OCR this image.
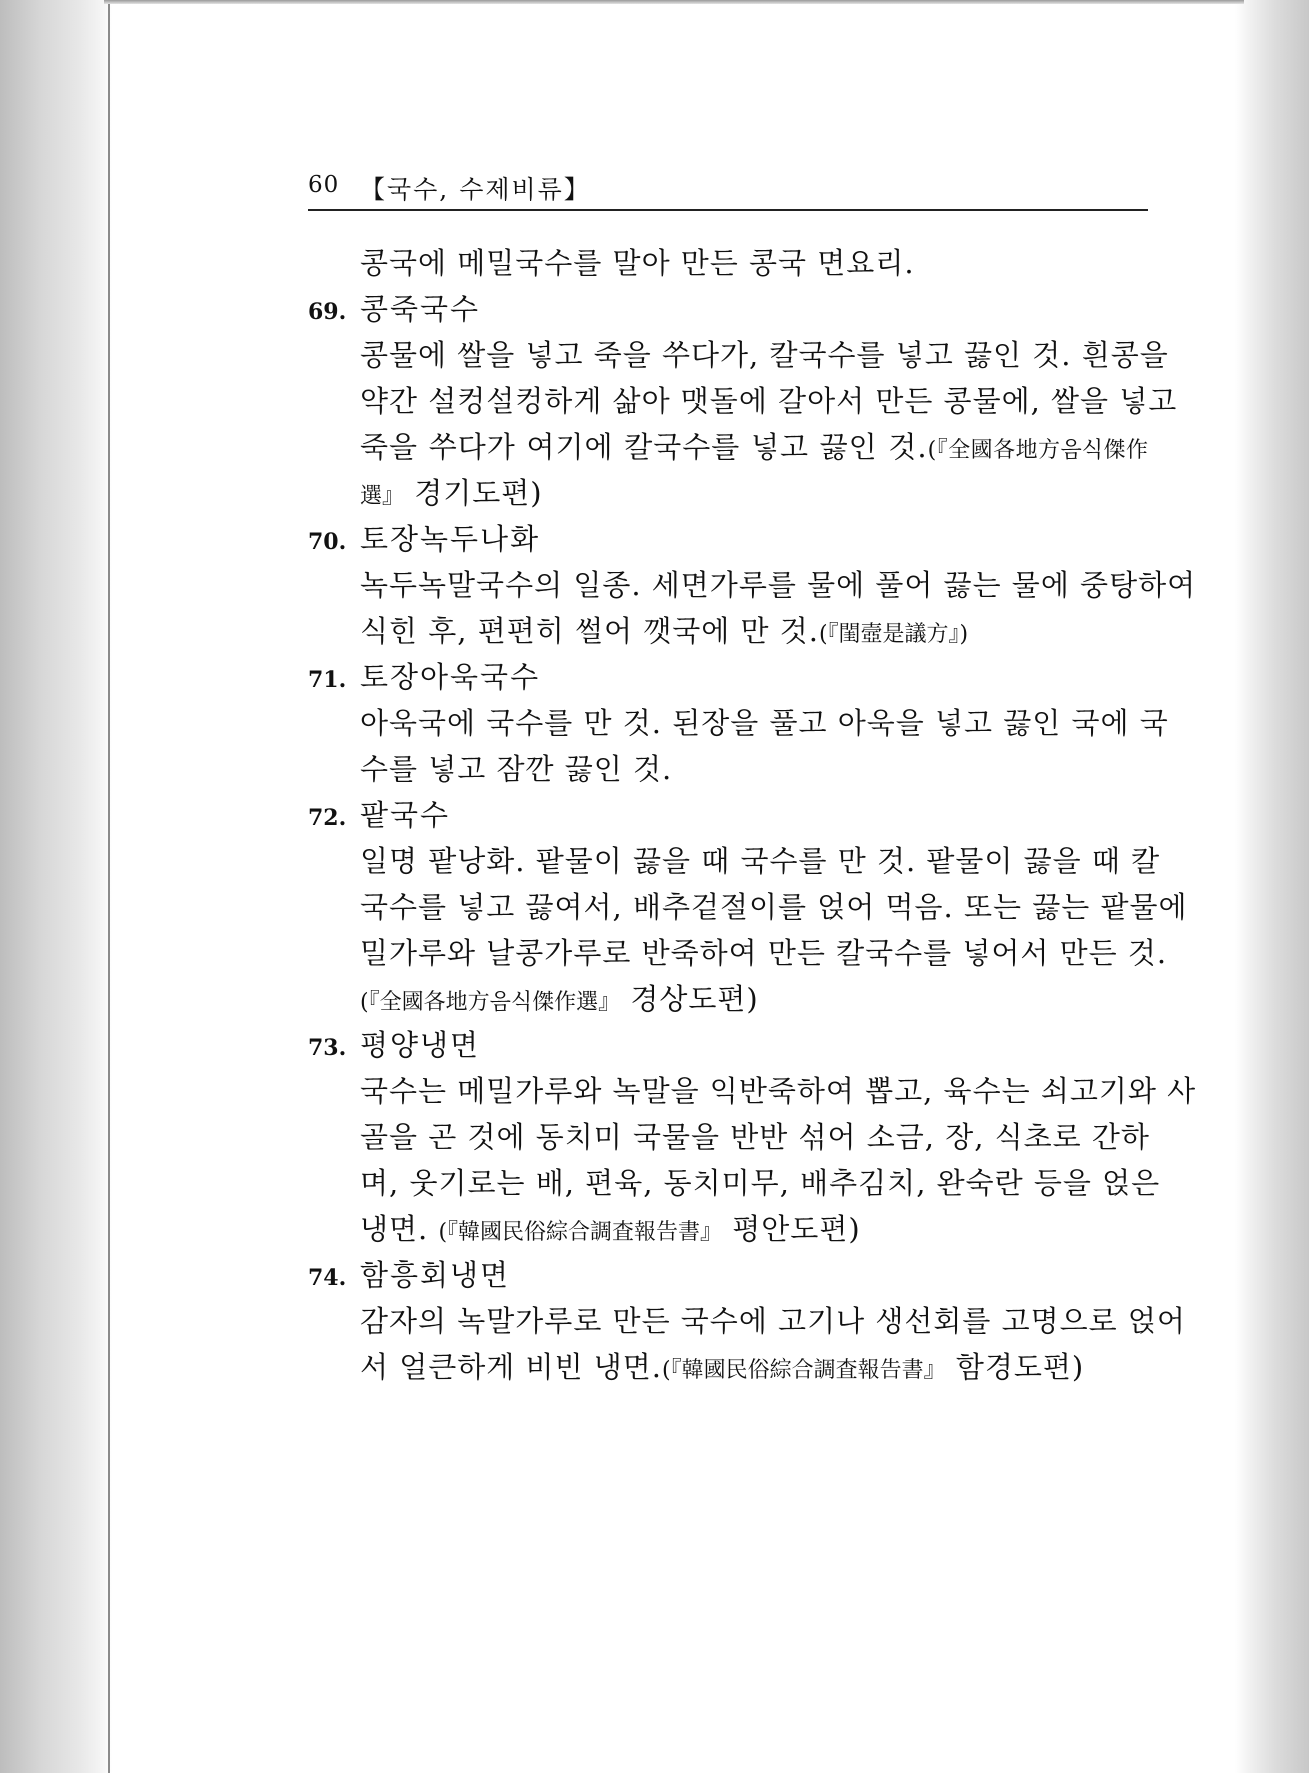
60 【국수, 수제비류】
콩국에 메밀국수를 말아 만든 콩국 면요리.
69. 콩죽국수
콩물에 쌀을 넣고 죽을 쑤다가, 칼국수를 넣고 끓인 것. 흰콩을
약간 설컹설컹하게 삶아 맷돌에 갈아서 만든 콩물에, 쌀을 넣고
죽을 쑤다가 여기에 칼국수를 넣고 끓인 것.(『全國各地方음식傑作
選』 경기도편)
70. 토장녹두나화
녹두녹말국수의 일종. 세면가루를 물에 풀어 끓는 물에 중탕하여
식힌 후, 편편히 썰어 깻국에 만 것.(『閨壼是議方』)
71. 토장아욱국수
아욱국에 국수를 만 것. 된장을 풀고 아욱을 넣고 끓인 국에 국
수를 넣고 잠깐 끓인 것.
72. 팥국수
일명 팥낭화. 팥물이 끓을 때 국수를 만 것. 팥물이 끓을 때 칼
국수를 넣고 끓여서, 배추겉절이를 얹어 먹음. 또는 끓는 팥물에
밀가루와 날콩가루로 반죽하여 만든 칼국수를 넣어서 만든 것.
(『全國各地方음식傑作選』 경상도편)
73. 평양냉면
국수는 메밀가루와 녹말을 익반죽하여 뽑고, 육수는 쇠고기와 사
골을 곤 것에 동치미 국물을 반반 섞어 소금, 장, 식초로 간하
며, 웃기로는 배, 편육, 동치미무, 배추김치, 완숙란 등을 얹은
냉면. (『韓國民俗綜合調査報告書』 평안도편)
74. 함흥회냉면
감자의 녹말가루로 만든 국수에 고기나 생선회를 고명으로 얹어
서 얼큰하게 비빈 냉면.(『韓國民俗綜合調査報告書』 함경도편)
